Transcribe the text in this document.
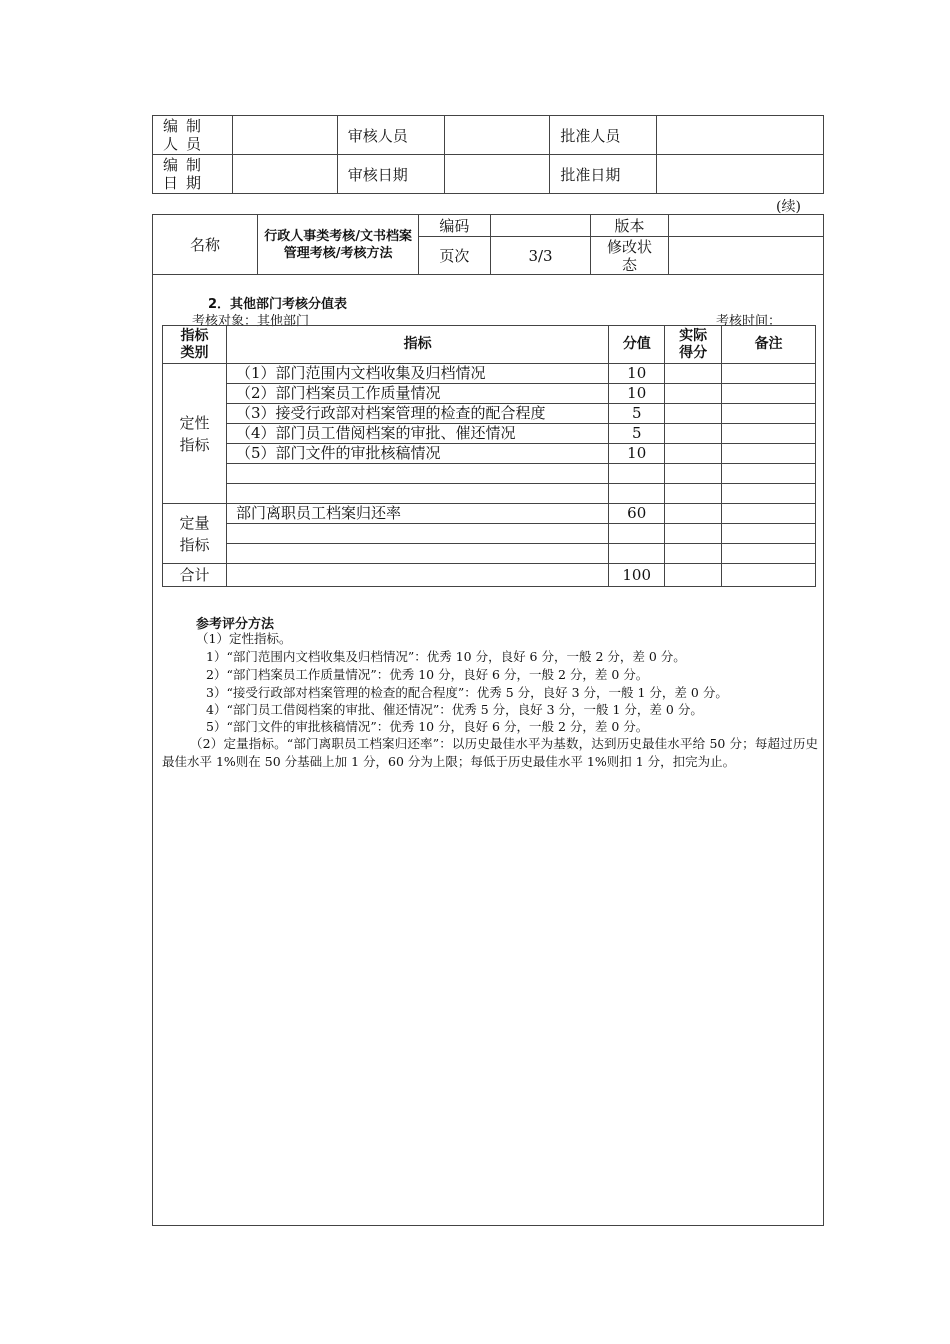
编制人员		审核人员		批准人员	
编制日期		审核日期		批准日期	
(续)
名称	行政人事类考核/文书档案管理考核/考核方法	编码		版本	
		页次	3/3	修改状态	
2．其他部门考核分值表
考核对象：其他部门	考核时间：
指标类别	指标	分值	实际得分	备注
定性指标	（1）部门范围内文档收集及归档情况	10		
	（2）部门档案员工作质量情况	10		
	（3）接受行政部对档案管理的检查的配合程度	5		
	（4）部门员工借阅档案的审批、催还情况	5		
	（5）部门文件的审批核稿情况	10		

定量指标	部门离职员工档案归还率	60		

合计		100		
参考评分方法
（1）定性指标。
1）“部门范围内文档收集及归档情况”：优秀 10 分，良好 6 分，一般 2 分，差 0 分。
2）“部门档案员工作质量情况”：优秀 10 分，良好 6 分，一般 2 分，差 0 分。
3）“接受行政部对档案管理的检查的配合程度”：优秀 5 分，良好 3 分，一般 1 分，差 0 分。
4）“部门员工借阅档案的审批、催还情况”：优秀 5 分，良好 3 分，一般 1 分，差 0 分。
5）“部门文件的审批核稿情况”：优秀 10 分，良好 6 分，一般 2 分，差 0 分。
（2）定量指标。“部门离职员工档案归还率”：以历史最佳水平为基数，达到历史最佳水平给 50 分；每超过历史最佳水平 1%则在 50 分基础上加 1 分，60 分为上限；每低于历史最佳水平 1%则扣 1 分，扣完为止。
